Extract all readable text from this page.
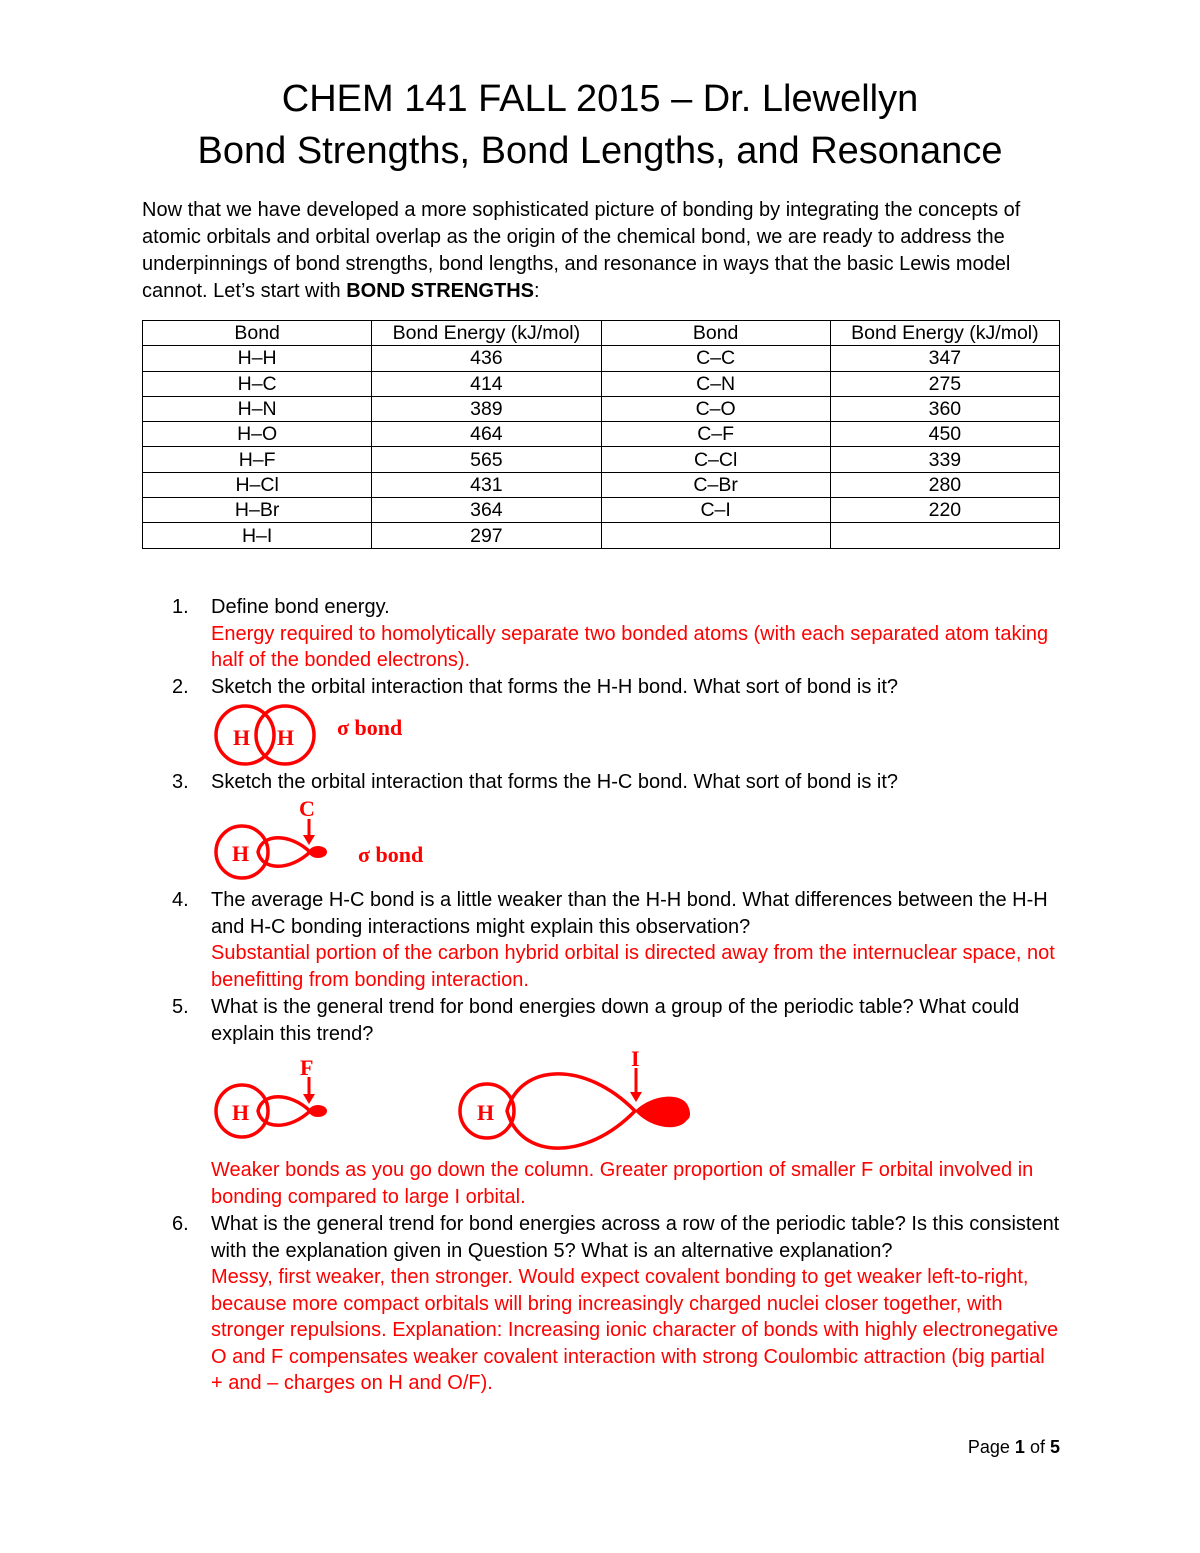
CHEM 141 FALL 2015 – Dr. Llewellyn
Bond Strengths, Bond Lengths, and Resonance

Now that we have developed a more sophisticated picture of bonding by integrating the concepts of atomic orbitals and orbital overlap as the origin of the chemical bond, we are ready to address the underpinnings of bond strengths, bond lengths, and resonance in ways that the basic Lewis model cannot. Let’s start with BOND STRENGTHS:

Bond	Bond Energy (kJ/mol)	Bond	Bond Energy (kJ/mol)
H–H	436	C–C	347
H–C	414	C–N	275
H–N	389	C–O	360
H–O	464	C–F	450
H–F	565	C–Cl	339
H–Cl	431	C–Br	280
H–Br	364	C–I	220
H–I	297		
1. Define bond energy.
Energy required to homolytically separate two bonded atoms (with each separated atom taking half of the bonded electrons).
2. Sketch the orbital interaction that forms the H-H bond. What sort of bond is it?
H H σ bond
3. Sketch the orbital interaction that forms the H-C bond. What sort of bond is it?
C
H	σ bond
4. The average H-C bond is a little weaker than the H-H bond. What differences between the H-H and H-C bonding interactions might explain this observation?
Substantial portion of the carbon hybrid orbital is directed away from the internuclear space, not benefitting from bonding interaction.
5. What is the general trend for bond energies down a group of the periodic table? What could explain this trend?
F
H
I
H
Weaker bonds as you go down the column. Greater proportion of smaller F orbital involved in bonding compared to large I orbital.
6. What is the general trend for bond energies across a row of the periodic table? Is this consistent with the explanation given in Question 5? What is an alternative explanation?
Messy, first weaker, then stronger. Would expect covalent bonding to get weaker left-to-right, because more compact orbitals will bring increasingly charged nuclei closer together, with stronger repulsions. Explanation: Increasing ionic character of bonds with highly electronegative O and F compensates weaker covalent interaction with strong Coulombic attraction (big partial + and – charges on H and O/F).
Page 1 of 5
